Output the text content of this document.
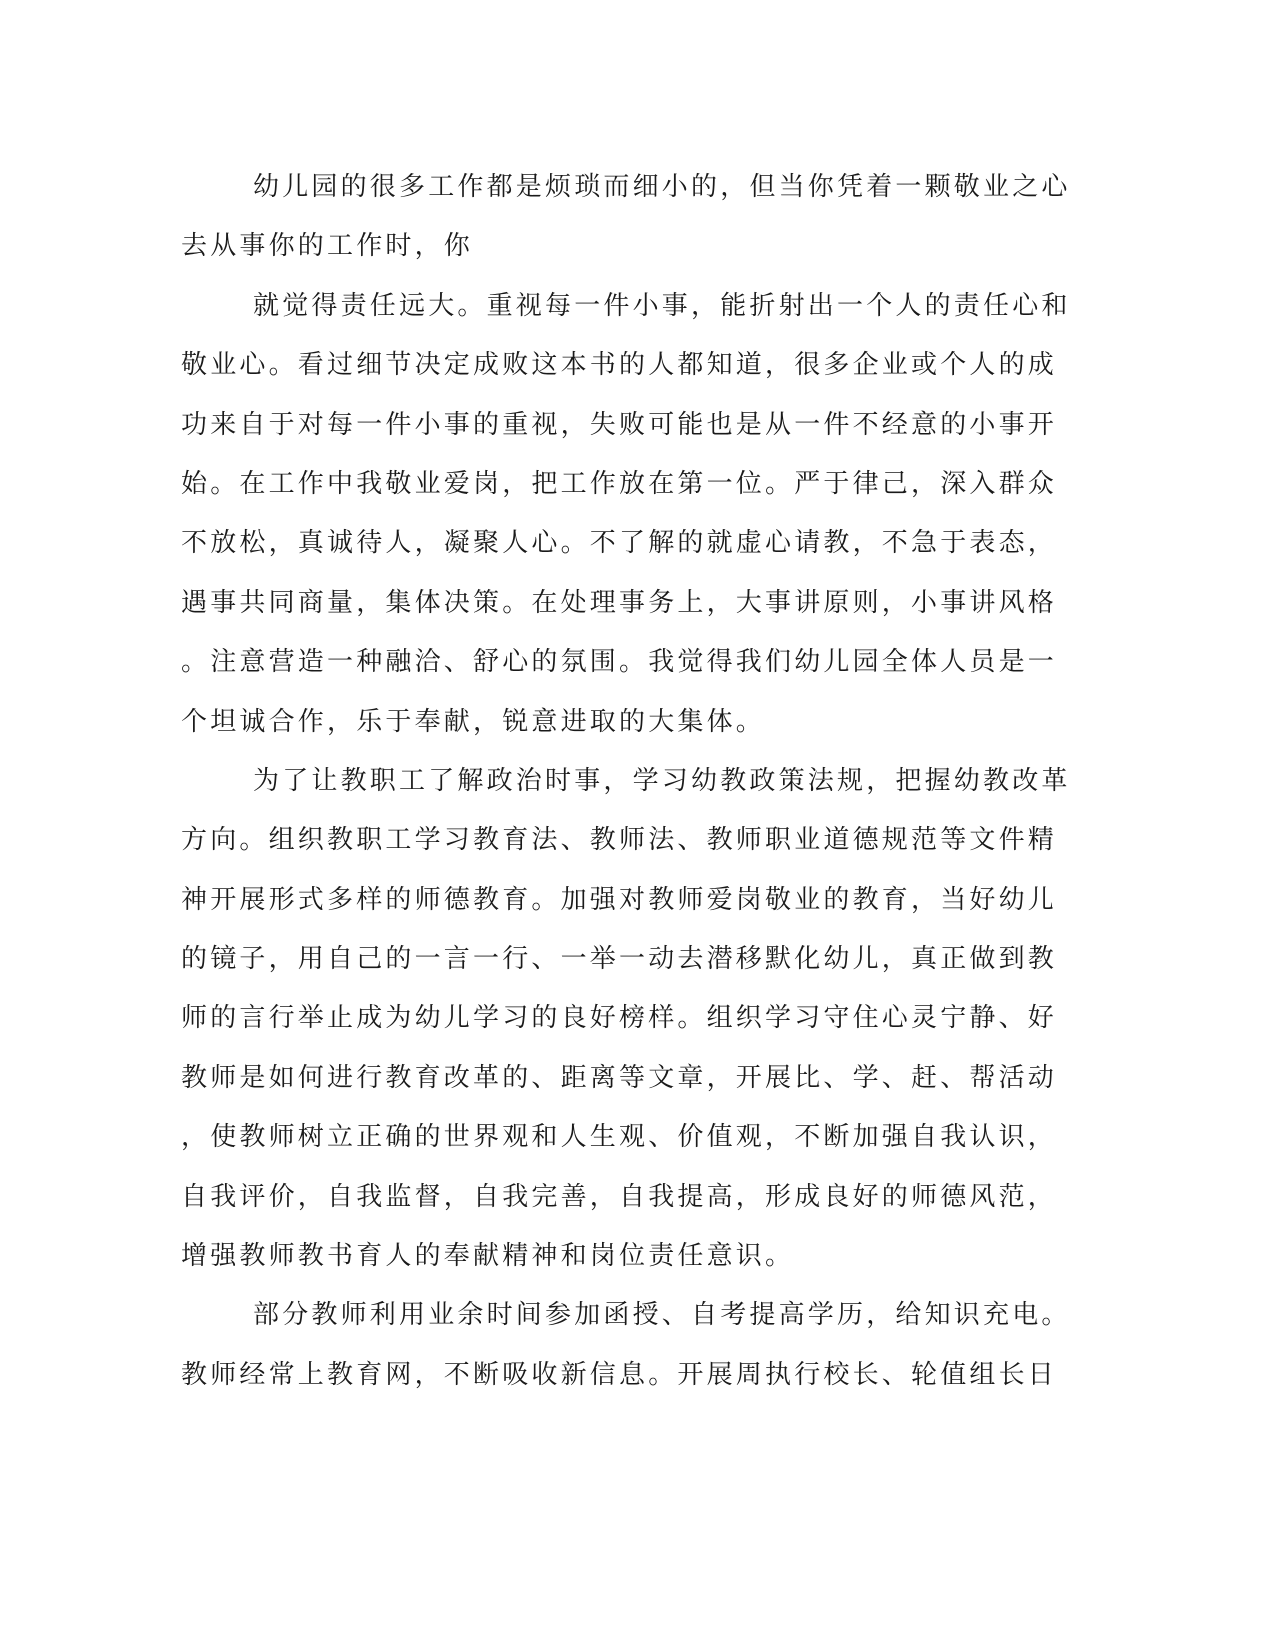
幼儿园的很多工作都是烦琐而细小的，但当你凭着一颗敬业之心
去从事你的工作时，你
就觉得责任远大。重视每一件小事，能折射出一个人的责任心和
敬业心。看过细节决定成败这本书的人都知道，很多企业或个人的成
功来自于对每一件小事的重视，失败可能也是从一件不经意的小事开
始。在工作中我敬业爱岗，把工作放在第一位。严于律己，深入群众
不放松，真诚待人，凝聚人心。不了解的就虚心请教，不急于表态，
遇事共同商量，集体决策。在处理事务上，大事讲原则，小事讲风格
。注意营造一种融洽、舒心的氛围。我觉得我们幼儿园全体人员是一
个坦诚合作，乐于奉献，锐意进取的大集体。
为了让教职工了解政治时事，学习幼教政策法规，把握幼教改革
方向。组织教职工学习教育法、教师法、教师职业道德规范等文件精
神开展形式多样的师德教育。加强对教师爱岗敬业的教育，当好幼儿
的镜子，用自己的一言一行、一举一动去潜移默化幼儿，真正做到教
师的言行举止成为幼儿学习的良好榜样。组织学习守住心灵宁静、好
教师是如何进行教育改革的、距离等文章，开展比、学、赶、帮活动
，使教师树立正确的世界观和人生观、价值观，不断加强自我认识，
自我评价，自我监督，自我完善，自我提高，形成良好的师德风范，
增强教师教书育人的奉献精神和岗位责任意识。
部分教师利用业余时间参加函授、自考提高学历，给知识充电。
教师经常上教育网，不断吸收新信息。开展周执行校长、轮值组长日
